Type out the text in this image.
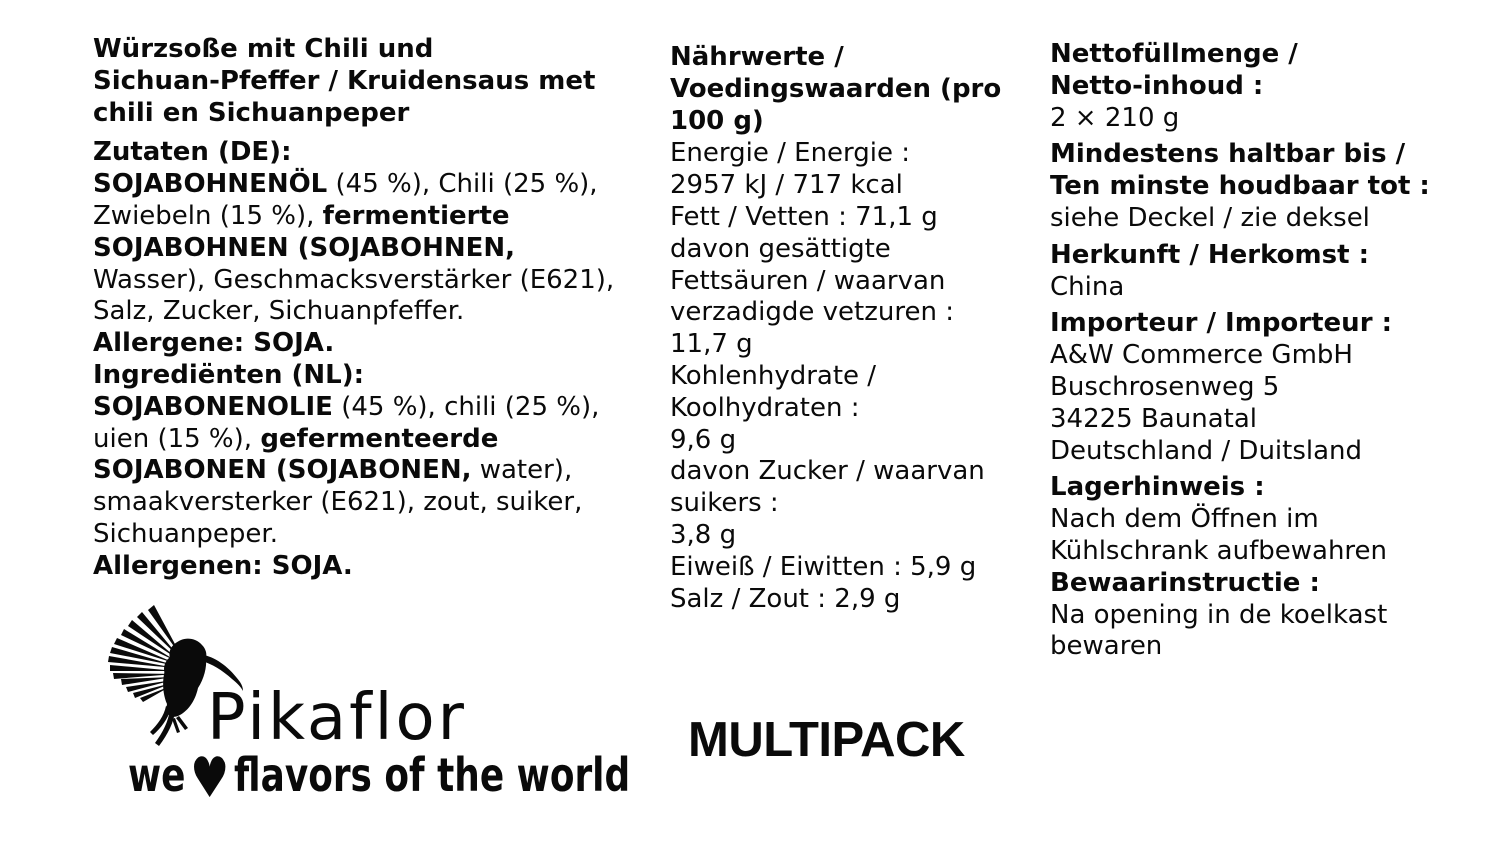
Würzsoße mit Chili und
Sichuan-Pfeffer / Kruidensaus met
chili en Sichuanpeper
Zutaten (DE):
SOJABOHNENÖL (45 %), Chili (25 %),
Zwiebeln (15 %), fermentierte
SOJABOHNEN (SOJABOHNEN,
Wasser), Geschmacksverstärker (E621),
Salz, Zucker, Sichuanpfeffer.
Allergene: SOJA.
Ingrediënten (NL):
SOJABONENOLIE (45 %), chili (25 %),
uien (15 %), gefermenteerde
SOJABONEN (SOJABONEN, water),
smaakversterker (E621), zout, suiker,
Sichuanpeper.
Allergenen: SOJA.
Nährwerte /
Voedingswaarden (pro
100 g)
Energie / Energie :
2957 kJ / 717 kcal
Fett / Vetten : 71,1 g
davon gesättigte
Fettsäuren / waarvan
verzadigde vetzuren :
11,7 g
Kohlenhydrate /
Koolhydraten :
9,6 g
davon Zucker / waarvan
suikers :
3,8 g
Eiweiß / Eiwitten : 5,9 g
Salz / Zout : 2,9 g
Nettofüllmenge /
Netto-inhoud :
2 × 210 g
Mindestens haltbar bis /
Ten minste houdbaar tot :
siehe Deckel / zie deksel
Herkunft / Herkomst :
China
Importeur / Importeur :
A&W Commerce GmbH
Buschrosenweg 5
34225 Baunatal
Deutschland / Duitsland
Lagerhinweis :
Nach dem Öffnen im
Kühlschrank aufbewahren
Bewaarinstructie :
Na opening in de koelkast
bewaren
Pikaflor
we♥ flavors of the world
MULTIPACK
